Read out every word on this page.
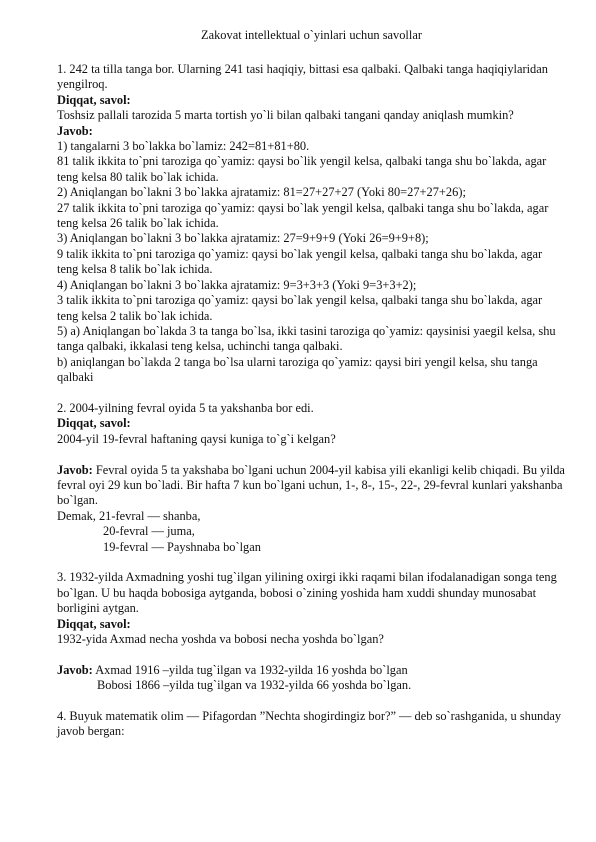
Zakovat intellektual o`yinlari uchun savollar
1. 242 ta tilla tanga bor. Ularning 241 tasi haqiqiy, bittasi esa qalbaki. Qalbaki tanga haqiqiylaridan yengilroq.
Diqqat, savol:
Toshsiz pallali tarozida 5 marta tortish yo`li bilan qalbaki tangani qanday aniqlash mumkin?
Javob:
1) tangalarni 3 bo`lakka bo`lamiz: 242=81+81+80.
81 talik ikkita to`pni taroziga qo`yamiz: qaysi bo`lik yengil kelsa, qalbaki tanga shu bo`lakda, agar teng kelsa 80 talik bo`lak ichida.
2) Aniqlangan bo`lakni 3 bo`lakka ajratamiz: 81=27+27+27 (Yoki 80=27+27+26);
27 talik ikkita to`pni taroziga qo`yamiz: qaysi bo`lak yengil kelsa, qalbaki tanga shu bo`lakda, agar teng kelsa 26 talik bo`lak ichida.
3) Aniqlangan bo`lakni 3 bo`lakka ajratamiz: 27=9+9+9 (Yoki 26=9+9+8);
9 talik ikkita to`pni taroziga qo`yamiz: qaysi bo`lak yengil kelsa, qalbaki tanga shu bo`lakda, agar teng kelsa 8 talik bo`lak ichida.
4) Aniqlangan bo`lakni 3 bo`lakka ajratamiz: 9=3+3+3 (Yoki 9=3+3+2);
3 talik ikkita to`pni taroziga qo`yamiz: qaysi bo`lak yengil kelsa, qalbaki tanga shu bo`lakda, agar teng kelsa 2 talik bo`lak ichida.
5) a) Aniqlangan bo`lakda 3 ta tanga bo`lsa, ikki tasini taroziga qo`yamiz: qaysinisi yaegil kelsa, shu tanga qalbaki, ikkalasi teng kelsa, uchinchi tanga qalbaki.
b) aniqlangan bo`lakda 2 tanga bo`lsa ularni taroziga qo`yamiz: qaysi biri yengil kelsa, shu tanga qalbaki
2. 2004-yilning fevral oyida 5 ta yakshanba bor edi.
Diqqat, savol:
2004-yil 19-fevral haftaning qaysi kuniga to`g`i kelgan?
Javob: Fevral oyida 5 ta yakshaba bo`lgani uchun 2004-yil kabisa yili ekanligi kelib chiqadi. Bu yilda fevral oyi 29 kun bo`ladi. Bir hafta 7 kun bo`lgani uchun, 1-, 8-, 15-, 22-, 29-fevral kunlari yakshanba bo`lgan.
Demak, 21-fevral — shanba,
20-fevral — juma,
19-fevral — Payshnaba bo`lgan
3. 1932-yilda Axmadning yoshi tug`ilgan yilining oxirgi ikki raqami bilan ifodalanadigan songa teng bo`lgan. U bu haqda bobosiga aytganda, bobosi o`zining yoshida ham xuddi shunday munosabat borligini aytgan.
Diqqat, savol:
1932-yida Axmad necha yoshda va bobosi necha yoshda bo`lgan?
Javob: Axmad 1916 –yilda tug`ilgan va 1932-yilda 16 yoshda bo`lgan
Bobosi 1866 –yilda tug`ilgan va 1932-yilda 66 yoshda bo`lgan.
4. Buyuk matematik olim — Pifagordan ”Nechta shogirdingiz bor?” — deb so`rashganida, u shunday javob bergan:
